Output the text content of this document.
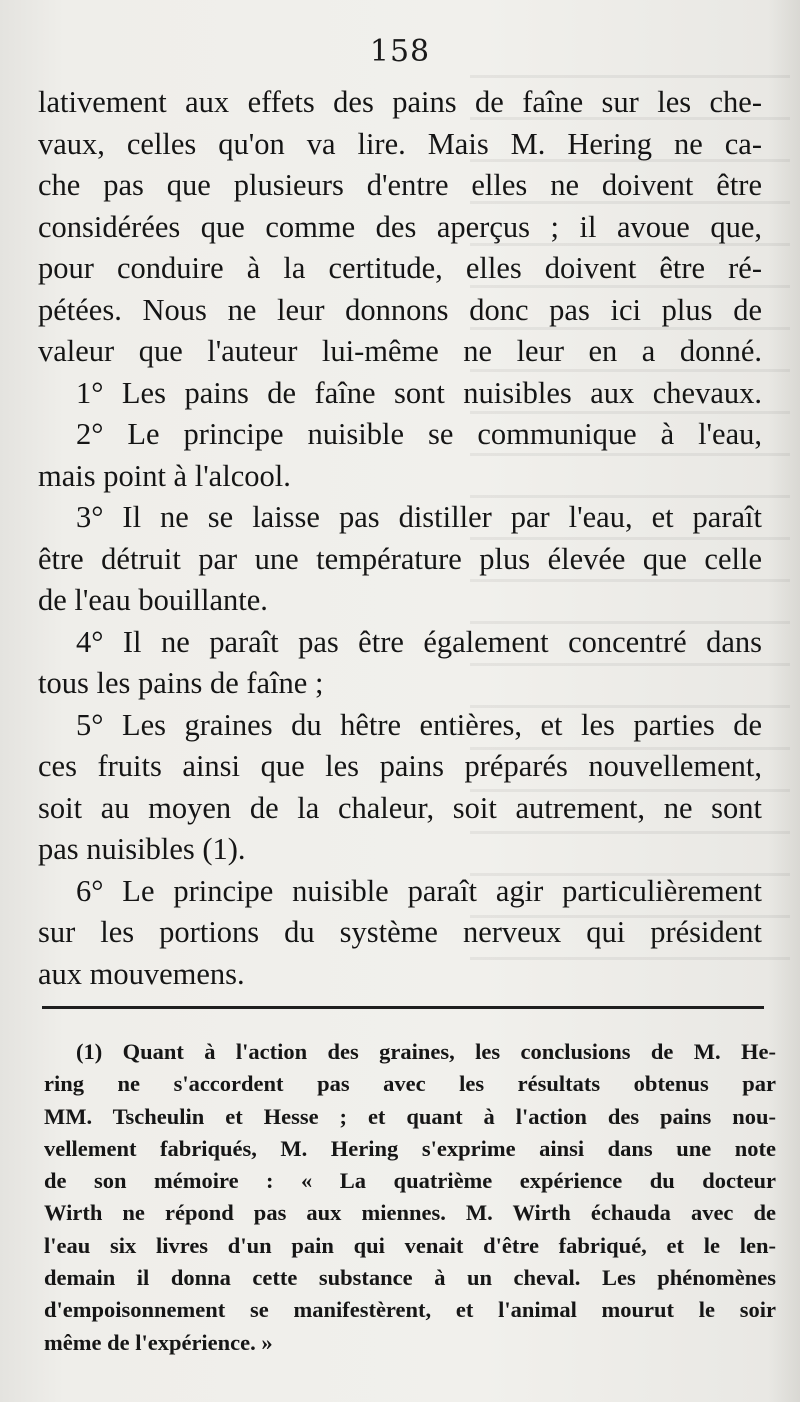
158
lativement aux effets des pains de faîne sur les che-
vaux, celles qu'on va lire. Mais M. Hering ne ca-
che pas que plusieurs d'entre elles ne doivent être
considérées que comme des aperçus ; il avoue que,
pour conduire à la certitude, elles doivent être ré-
pétées. Nous ne leur donnons donc pas ici plus de
valeur que l'auteur lui-même ne leur en a donné.
1° Les pains de faîne sont nuisibles aux chevaux.
2° Le principe nuisible se communique à l'eau,
mais point à l'alcool.
3° Il ne se laisse pas distiller par l'eau, et paraît
être détruit par une température plus élevée que celle
de l'eau bouillante.
4° Il ne paraît pas être également concentré dans
tous les pains de faîne ;
5° Les graines du hêtre entières, et les parties de
ces fruits ainsi que les pains préparés nouvellement,
soit au moyen de la chaleur, soit autrement, ne sont
pas nuisibles (1).
6° Le principe nuisible paraît agir particulièrement
sur les portions du système nerveux qui président
aux mouvemens.
(1) Quant à l'action des graines, les conclusions de M. He-
ring ne s'accordent pas avec les résultats obtenus par
MM. Tscheulin et Hesse ; et quant à l'action des pains nou-
vellement fabriqués, M. Hering s'exprime ainsi dans une note
de son mémoire : « La quatrième expérience du docteur
Wirth ne répond pas aux miennes. M. Wirth échauda avec de
l'eau six livres d'un pain qui venait d'être fabriqué, et le len-
demain il donna cette substance à un cheval. Les phénomènes
d'empoisonnement se manifestèrent, et l'animal mourut le soir
même de l'expérience. »
